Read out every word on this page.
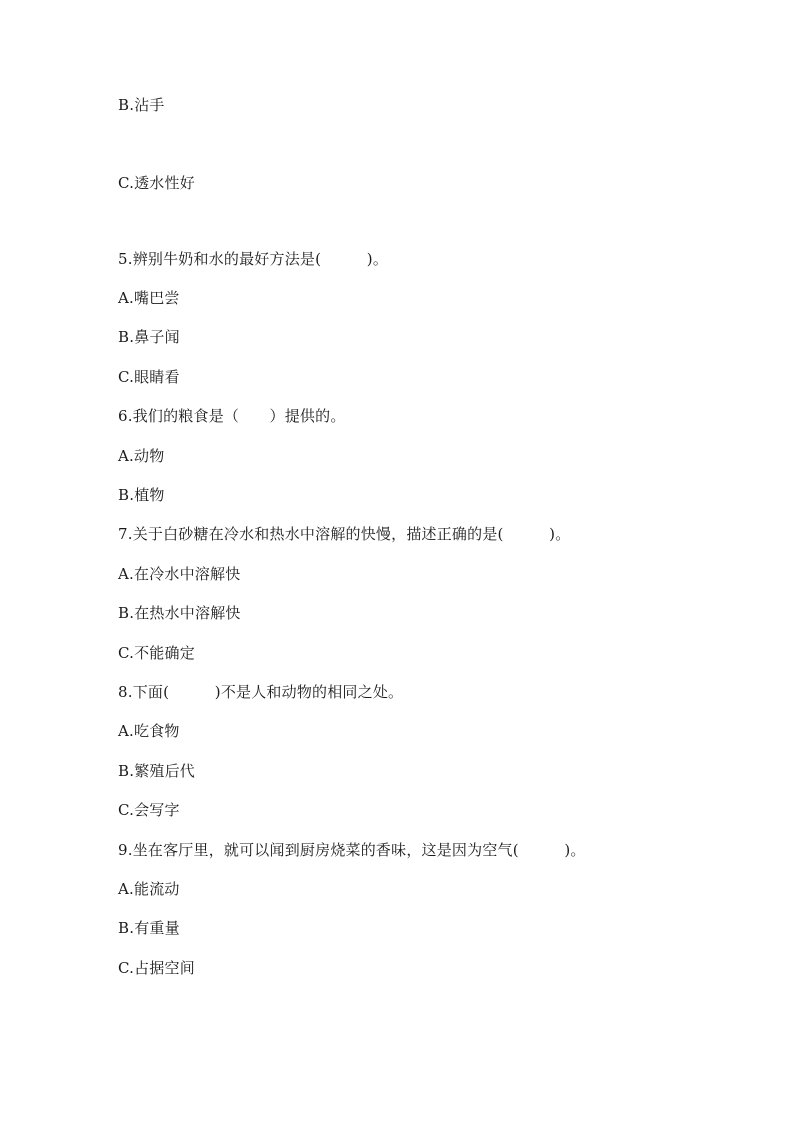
B.沾手
C.透水性好
5.辨别牛奶和水的最好方法是(　　　)。
A.嘴巴尝
B.鼻子闻
C.眼睛看
6.我们的粮食是（　　）提供的。
A.动物
B.植物
7.关于白砂糖在冷水和热水中溶解的快慢，描述正确的是(　　　)。
A.在冷水中溶解快
B.在热水中溶解快
C.不能确定
8.下面(　　　)不是人和动物的相同之处。
A.吃食物
B.繁殖后代
C.会写字
9.坐在客厅里，就可以闻到厨房烧菜的香味，这是因为空气(　　　)。
A.能流动
B.有重量
C.占据空间
